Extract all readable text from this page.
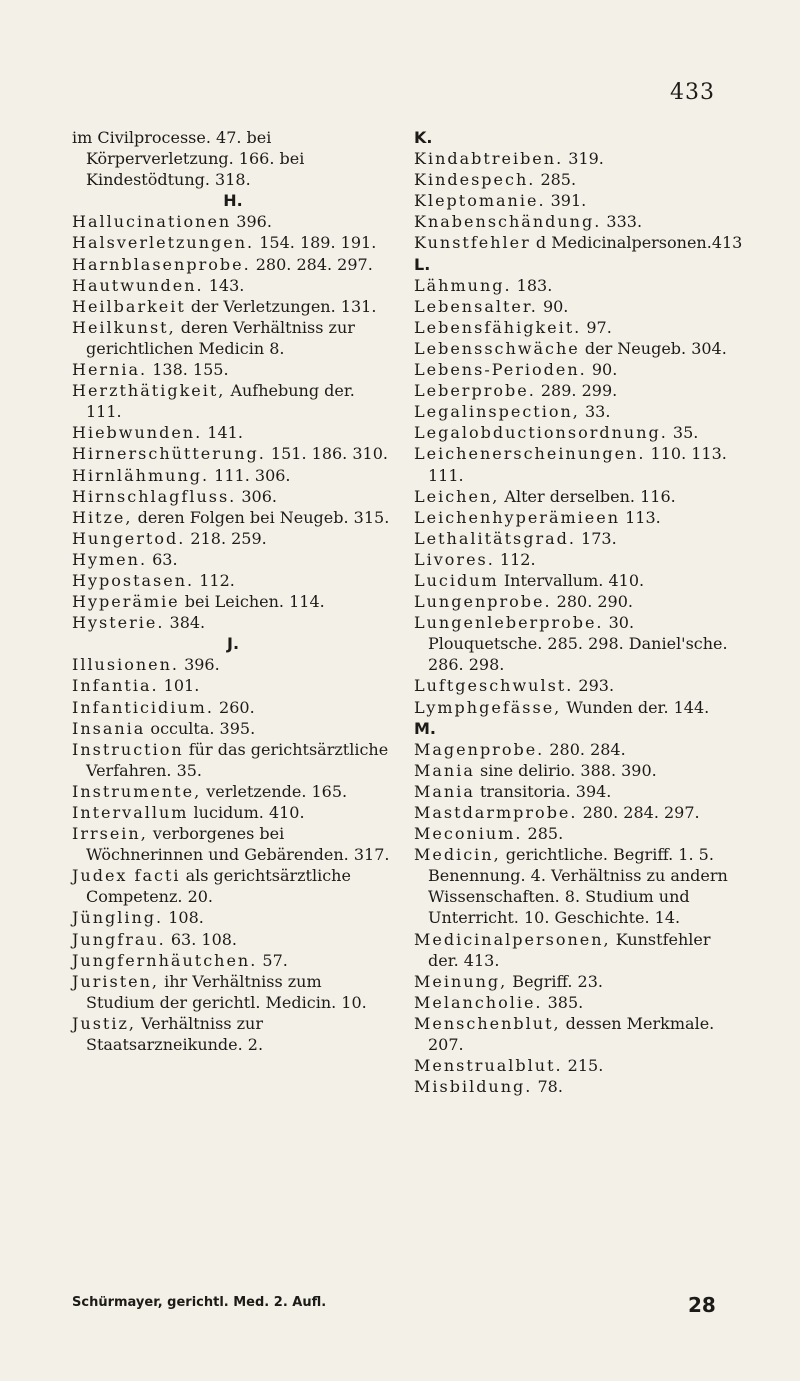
433

im Civilprocesse. 47. bei Körperverletzung. 166. bei Kindestödtung. 318.

H.

Hallucinationen 396.

Halsverletzungen. 154. 189. 191.

Harnblasenprobe. 280. 284. 297.

Hautwunden. 143.

Heilbarkeit der Verletzungen. 131.

Heilkunst, deren Verhältniss zur gerichtlichen Medicin 8.

Hernia. 138. 155.

Herzthätigkeit, Aufhebung der. 111.

Hiebwunden. 141.

Hirnerschütterung. 151. 186. 310.

Hirnlähmung. 111. 306.

Hirnschlagfluss. 306.

Hitze, deren Folgen bei Neugeb. 315.

Hungertod. 218. 259.

Hymen. 63.

Hypostasen. 112.

Hyperämie bei Leichen. 114.

Hysterie. 384.

J.

Illusionen. 396.

Infantia. 101.

Infanticidium. 260.

Insania occulta. 395.

Instruction für das gerichtsärztliche Verfahren. 35.

Instrumente, verletzende. 165.

Intervallum lucidum. 410.

Irrsein, verborgenes bei Wöchnerinnen und Gebärenden. 317.

Judex facti als gerichtsärztliche Competenz. 20.

Jüngling. 108.

Jungfrau. 63. 108.

Jungfernhäutchen. 57.

Juristen, ihr Verhältniss zum Studium der gerichtl. Medicin. 10.

Justiz, Verhältniss zur Staatsarzneikunde. 2.

K.

Kindabtreiben. 319.

Kindespech. 285.

Kleptomanie. 391.

Knabenschändung. 333.

Kunstfehler d Medicinalpersonen.413

L.

Lähmung. 183.

Lebensalter. 90.

Lebensfähigkeit. 97.

Lebensschwäche der Neugeb. 304.

Lebens-Perioden. 90.

Leberprobe. 289. 299.

Legalinspection, 33.

Legalobductionsordnung. 35.

Leichenerscheinungen. 110. 113. 111.

Leichen, Alter derselben. 116.

Leichenhyperämieen 113.

Lethalitätsgrad. 173.

Livores. 112.

Lucidum Intervallum. 410.

Lungenprobe. 280. 290.

Lungenleberprobe. 30. Plouquetsche. 285. 298. Daniel'sche. 286. 298.

Luftgeschwulst. 293.

Lymphgefässe, Wunden der. 144.

M.

Magenprobe. 280. 284.

Mania sine delirio. 388. 390.

Mania transitoria. 394.

Mastdarmprobe. 280. 284. 297.

Meconium. 285.

Medicin, gerichtliche. Begriff. 1. 5. Benennung. 4. Verhältniss zu andern Wissenschaften. 8. Studium und Unterricht. 10. Geschichte. 14.

Medicinalpersonen, Kunstfehler der. 413.

Meinung, Begriff. 23.

Melancholie. 385.

Menschenblut, dessen Merkmale. 207.

Menstrualblut. 215.

Misbildung. 78.

Schürmayer, gerichtl. Med. 2. Aufl.	28
